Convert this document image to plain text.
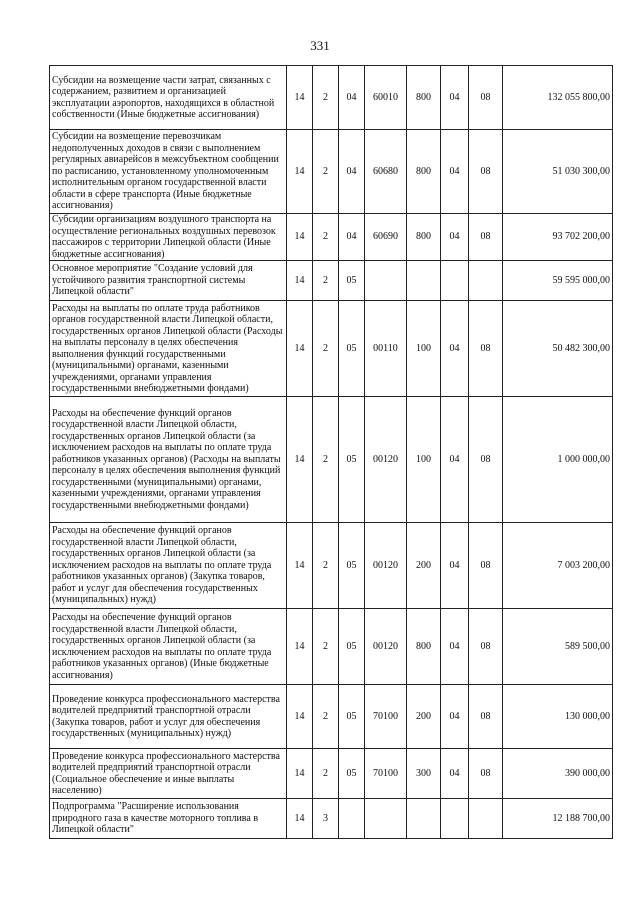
331
Субсидии на возмещение части затрат, связанных с содержанием, развитием и организацией эксплуатации аэропортов, находящихся в областной собственности (Иные бюджетные ассигнования)	14	2	04	60010	800	04	08	132 055 800,00
Субсидии на возмещение перевозчикам недополученных доходов в связи с выполнением регулярных авиарейсов в межсубъектном сообщении по расписанию, установленному уполномоченным исполнительным органом государственной власти области в сфере транспорта (Иные бюджетные ассигнования)	14	2	04	60680	800	04	08	51 030 300,00
Субсидии организациям воздушного транспорта на осуществление региональных воздушных перевозок пассажиров с территории Липецкой области (Иные бюджетные ассигнования)	14	2	04	60690	800	04	08	93 702 200,00
Основное мероприятие "Создание условий для устойчивого развития транспортной системы Липецкой области"	14	2	05					59 595 000,00
Расходы на выплаты по оплате труда работников органов государственной власти Липецкой области, государственных органов Липецкой области (Расходы на выплаты персоналу в целях обеспечения выполнения функций государственными (муниципальными) органами, казенными учреждениями, органами управления государственными внебюджетными фондами)	14	2	05	00110	100	04	08	50 482 300,00
Расходы на обеспечение функций органов государственной власти Липецкой области, государственных органов Липецкой области (за исключением расходов на выплаты по оплате труда работников указанных органов) (Расходы на выплаты персоналу в целях обеспечения выполнения функций государственными (муниципальными) органами, казенными учреждениями, органами управления государственными внебюджетными фондами)	14	2	05	00120	100	04	08	1 000 000,00
Расходы на обеспечение функций органов государственной власти Липецкой области, государственных органов Липецкой области (за исключением расходов на выплаты по оплате труда работников указанных органов) (Закупка товаров, работ и услуг для обеспечения государственных (муниципальных) нужд)	14	2	05	00120	200	04	08	7 003 200,00
Расходы на обеспечение функций органов государственной власти Липецкой области, государственных органов Липецкой области (за исключением расходов на выплаты по оплате труда работников указанных органов) (Иные бюджетные ассигнования)	14	2	05	00120	800	04	08	589 500,00
Проведение конкурса профессионального мастерства водителей предприятий транспортной отрасли (Закупка товаров, работ и услуг для обеспечения государственных (муниципальных) нужд)	14	2	05	70100	200	04	08	130 000,00
Проведение конкурса профессионального мастерства водителей предприятий транспортной отрасли (Социальное обеспечение и иные выплаты населению)	14	2	05	70100	300	04	08	390 000,00
Подпрограмма "Расширение использования природного газа в качестве моторного топлива в Липецкой области"	14	3						12 188 700,00
